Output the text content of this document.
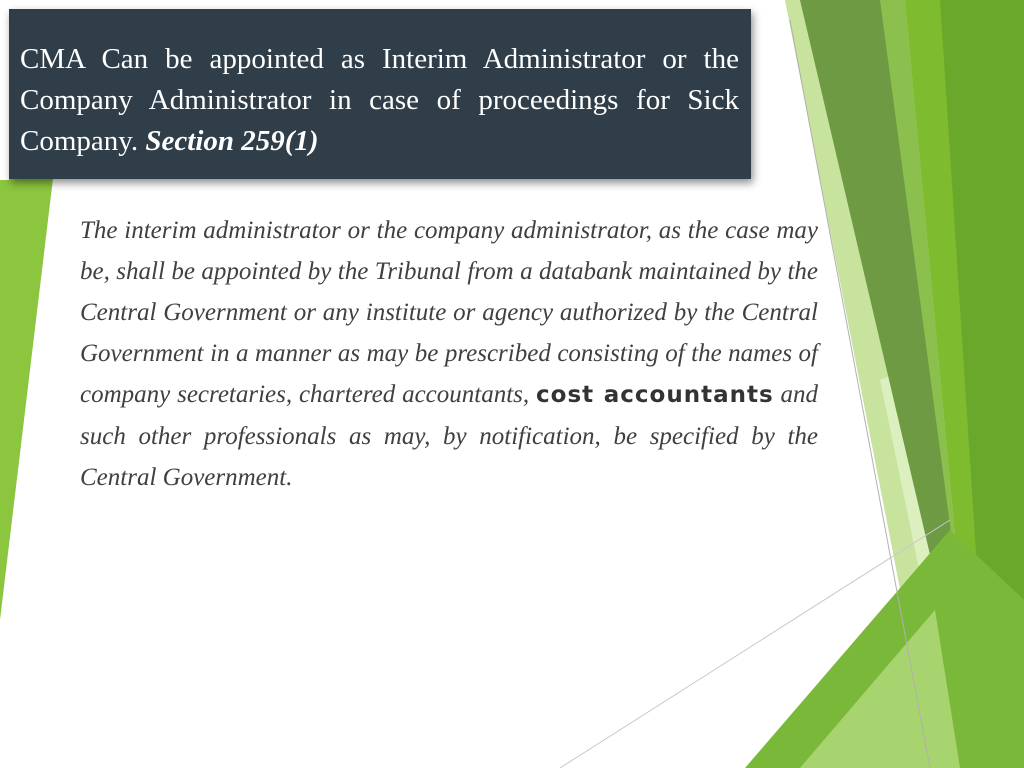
CMA Can be appointed as Interim Administrator or the Company Administrator in case of proceedings for Sick Company. Section 259(1)

The interim administrator or the company administrator, as the case may be, shall be appointed by the Tribunal from a databank maintained by the Central Government or any institute or agency authorized by the Central Government in a manner as may be prescribed consisting of the names of company secretaries, chartered accountants, cost accountants and such other professionals as may, by notification, be specified by the Central Government.
